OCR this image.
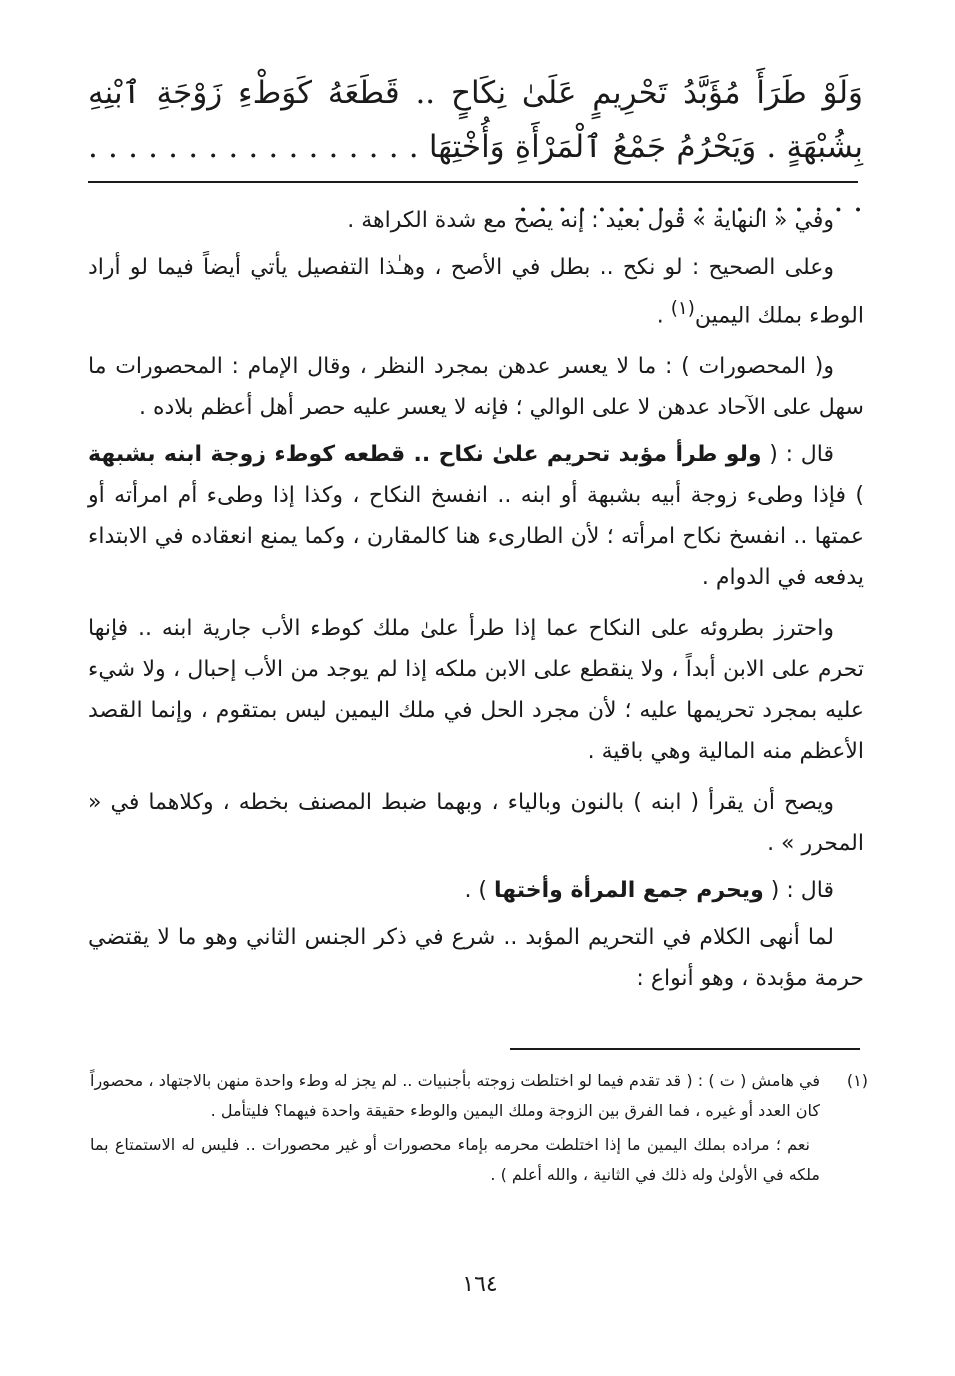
وَلَوْ طَرَأَ مُؤَبَّدُ تَحْرِيمٍ عَلَىٰ نِكَاحٍ .. قَطَعَهُ كَوَطْءِ زَوْجَةِ ٱبْنِهِ بِشُبْهَةٍ . وَيَحْرُمُ جَمْعُ ٱلْمَرْأَةِ وَأُخْتِهَا . . . . . . . . . . . . . . . . . . . . . . . . . . . . . . . . . . .

وفي « النهاية » قول بعيد : إنه يصح مع شدة الكراهة .

وعلى الصحيح : لو نكح .. بطل في الأصح ، وهـٰذا التفصيل يأتي أيضاً فيما لو أراد الوطء بملك اليمين$^{(١)}$ .

و( المحصورات ) : ما لا يعسر عدهن بمجرد النظر ، وقال الإمام : المحصورات ما سهل على الآحاد عدهن لا على الوالي ؛ فإنه لا يعسر عليه حصر أهل أعظم بلاده .

قال : ( ولو طرأ مؤبد تحريم علىٰ نكاح .. قطعه كوطء زوجة ابنه بشبهة ) فإذا وطىء زوجة أبيه بشبهة أو ابنه .. انفسخ النكاح ، وكذا إذا وطىء أم امرأته أو عمتها .. انفسخ نكاح امرأته ؛ لأن الطارىء هنا كالمقارن ، وكما يمنع انعقاده في الابتداء يدفعه في الدوام .

واحترز بطروئه على النكاح عما إذا طرأ علىٰ ملك كوطء الأب جارية ابنه .. فإنها تحرم على الابن أبداً ، ولا ينقطع على الابن ملكه إذا لم يوجد من الأب إحبال ، ولا شيء عليه بمجرد تحريمها عليه ؛ لأن مجرد الحل في ملك اليمين ليس بمتقوم ، وإنما القصد الأعظم منه المالية وهي باقية .

ويصح أن يقرأ ( ابنه ) بالنون وبالياء ، وبهما ضبط المصنف بخطه ، وكلاهما في « المحرر » .

قال : ( ويحرم جمع المرأة وأختها ) .

لما أنهى الكلام في التحريم المؤبد .. شرع في ذكر الجنس الثاني وهو ما لا يقتضي حرمة مؤبدة ، وهو أنواع :

(١)

في هامش ( ت ) : ( قد تقدم فيما لو اختلطت زوجته بأجنبيات .. لم يجز له وطء واحدة منهن بالاجتهاد ، محصوراً كان العدد أو غيره ، فما الفرق بين الزوجة وملك اليمين والوطء حقيقة واحدة فيهما؟ فليتأمل .

نعم ؛ مراده بملك اليمين ما إذا اختلطت محرمه بإماء محصورات أو غير محصورات .. فليس له الاستمتاع بما ملكه في الأولىٰ وله ذلك في الثانية ، والله أعلم ) .

١٦٤
